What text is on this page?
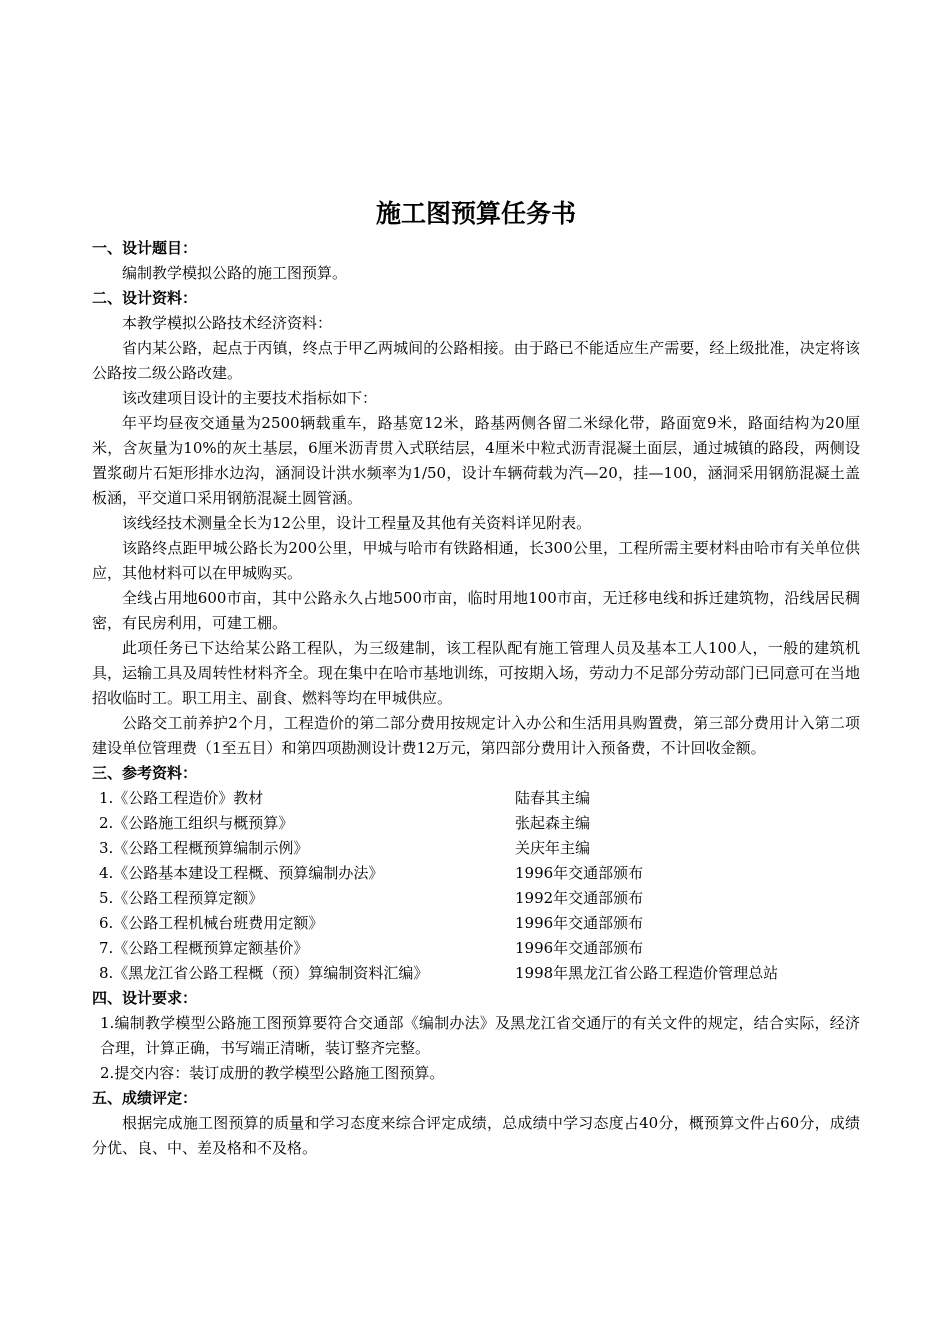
施工图预算任务书

一、设计题目：

编制教学模拟公路的施工图预算。

二、设计资料：

本教学模拟公路技术经济资料：

省内某公路，起点于丙镇，终点于甲乙两城间的公路相接。由于路已不能适应生产需要，经上级批准，决定将该公路按二级公路改建。

该改建项目设计的主要技术指标如下：

年平均昼夜交通量为2500辆载重车，路基宽12米，路基两侧各留二米绿化带，路面宽9米，路面结构为20厘米，含灰量为10%的灰土基层，6厘米沥青贯入式联结层，4厘米中粒式沥青混凝土面层，通过城镇的路段，两侧设置浆砌片石矩形排水边沟，涵洞设计洪水频率为1/50，设计车辆荷载为汽—20，挂—100，涵洞采用钢筋混凝土盖板涵，平交道口采用钢筋混凝土圆管涵。

该线经技术测量全长为12公里，设计工程量及其他有关资料详见附表。

该路终点距甲城公路长为200公里，甲城与哈市有铁路相通，长300公里，工程所需主要材料由哈市有关单位供应，其他材料可以在甲城购买。

全线占用地600市亩，其中公路永久占地500市亩，临时用地100市亩，无迁移电线和拆迁建筑物，沿线居民稠密，有民房利用，可建工棚。

此项任务已下达给某公路工程队，为三级建制，该工程队配有施工管理人员及基本工人100人，一般的建筑机具，运输工具及周转性材料齐全。现在集中在哈市基地训练，可按期入场，劳动力不足部分劳动部门已同意可在当地招收临时工。职工用主、副食、燃料等均在甲城供应。

公路交工前养护2个月，工程造价的第二部分费用按规定计入办公和生活用具购置费，第三部分费用计入第二项建设单位管理费（1至五目）和第四项勘测设计费12万元，第四部分费用计入预备费，不计回收金额。

三、参考资料：

1.《公路工程造价》教材	陆春其主编
2.《公路施工组织与概预算》	张起森主编
3.《公路工程概预算编制示例》	关庆年主编
4.《公路基本建设工程概、预算编制办法》	1996年交通部颁布
5.《公路工程预算定额》	1992年交通部颁布
6.《公路工程机械台班费用定额》	1996年交通部颁布
7.《公路工程概预算定额基价》	1996年交通部颁布
8.《黑龙江省公路工程概（预）算编制资料汇编》	1998年黑龙江省公路工程造价管理总站

四、设计要求：

1.编制教学模型公路施工图预算要符合交通部《编制办法》及黑龙江省交通厅的有关文件的规定，结合实际，经济合理，计算正确，书写端正清晰，装订整齐完整。

2.提交内容：装订成册的教学模型公路施工图预算。

五、成绩评定：

根据完成施工图预算的质量和学习态度来综合评定成绩，总成绩中学习态度占40分，概预算文件占60分，成绩分优、良、中、差及格和不及格。
